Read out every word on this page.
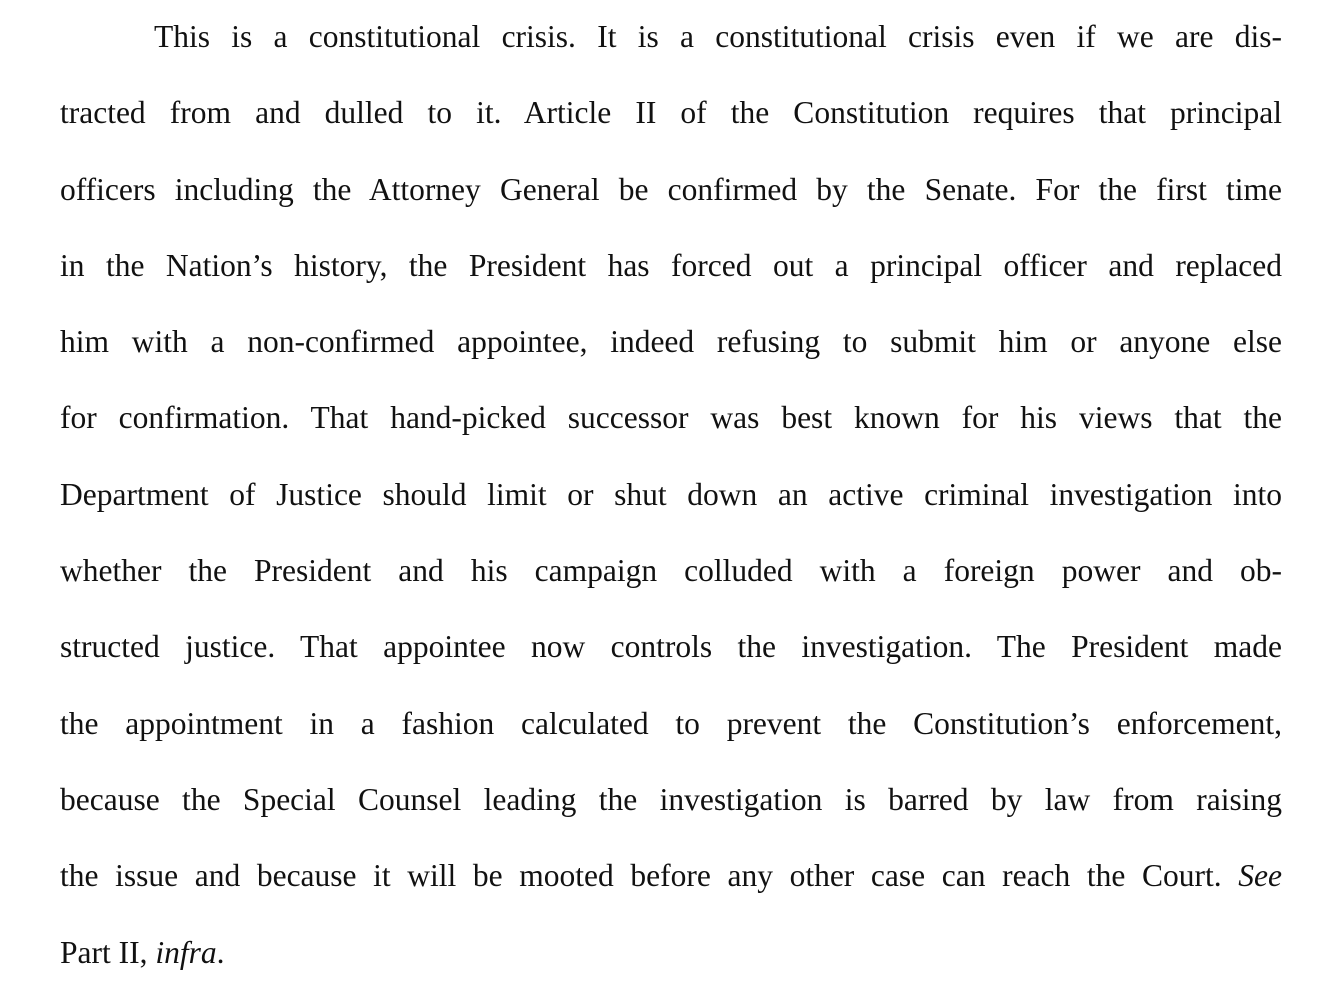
This is a constitutional crisis. It is a constitutional crisis even if we are dis-
tracted from and dulled to it. Article II of the Constitution requires that principal
officers including the Attorney General be confirmed by the Senate. For the first time
in the Nation’s history, the President has forced out a principal officer and replaced
him with a non-confirmed appointee, indeed refusing to submit him or anyone else
for confirmation. That hand-picked successor was best known for his views that the
Department of Justice should limit or shut down an active criminal investigation into
whether the President and his campaign colluded with a foreign power and ob-
structed justice. That appointee now controls the investigation. The President made
the appointment in a fashion calculated to prevent the Constitution’s enforcement,
because the Special Counsel leading the investigation is barred by law from raising
the issue and because it will be mooted before any other case can reach the Court. See
Part II, infra.
